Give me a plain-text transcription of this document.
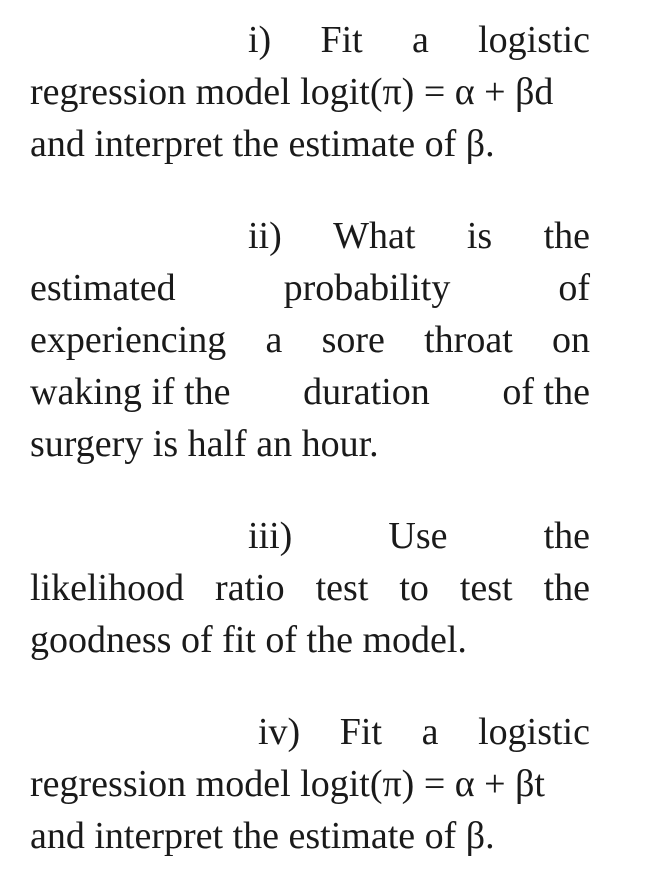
i) Fit a logistic
regression model logit(π) = α + βd
and interpret the estimate of β.
ii) What is the
estimated	probability	of
experiencing a sore throat on
waking if the duration of the
surgery is half an hour.
iii)	Use	the
likelihood ratio test to test the
goodness of fit of the model.
iv) Fit a logistic
regression model logit(π) = α + βt
and interpret the estimate of β.
